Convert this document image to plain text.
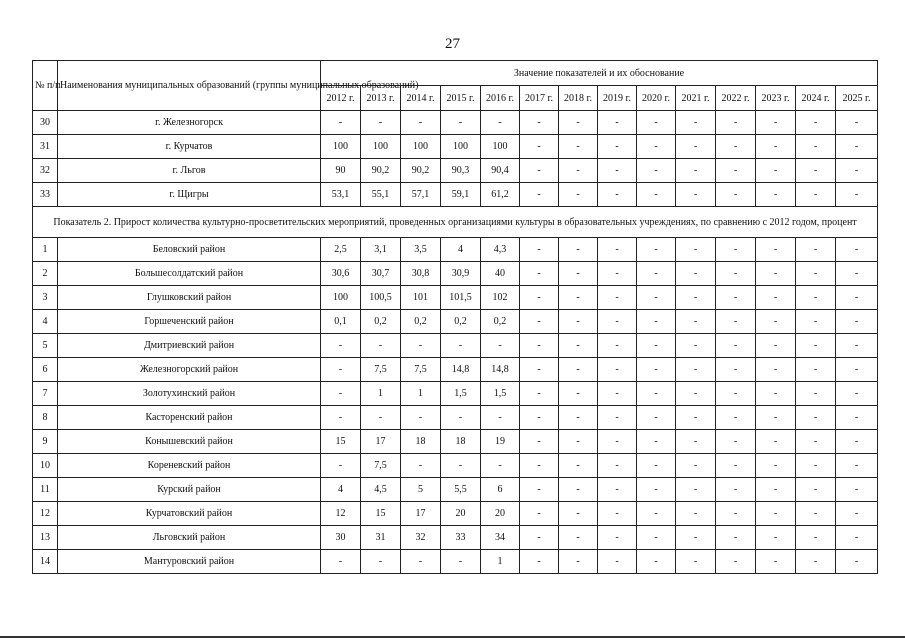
27
№ п/п	Наименования муниципальных образований (группы муниципальных образований)	Значение показателей и их обоснование													
		2012 г.	2013 г.	2014 г.	2015 г.	2016 г.	2017 г.	2018 г.	2019 г.	2020 г.	2021 г.	2022 г.	2023 г.	2024 г.	2025 г.
30	г. Железногорск	-	-	-	-	-	-	-	-	-	-	-	-	-	-
31	г. Курчатов	100	100	100	100	100	-	-	-	-	-	-	-	-	-
32	г. Льгов	90	90,2	90,2	90,3	90,4	-	-	-	-	-	-	-	-	-
33	г. Щигры	53,1	55,1	57,1	59,1	61,2	-	-	-	-	-	-	-	-	-
Показатель 2. Прирост количества культурно-просветительских мероприятий, проведенных организациями культуры в образовательных учреждениях, по сравнению с 2012 годом, процент															
1	Беловский район	2,5	3,1	3,5	4	4,3	-	-	-	-	-	-	-	-	-
2	Большесолдатский район	30,6	30,7	30,8	30,9	40	-	-	-	-	-	-	-	-	-
3	Глушковский район	100	100,5	101	101,5	102	-	-	-	-	-	-	-	-	-
4	Горшеченский район	0,1	0,2	0,2	0,2	0,2	-	-	-	-	-	-	-	-	-
5	Дмитриевский район	-	-	-	-	-	-	-	-	-	-	-	-	-	-
6	Железногорский район	-	7,5	7,5	14,8	14,8	-	-	-	-	-	-	-	-	-
7	Золотухинский район	-	1	1	1,5	1,5	-	-	-	-	-	-	-	-	-
8	Касторенский район	-	-	-	-	-	-	-	-	-	-	-	-	-	-
9	Конышевский район	15	17	18	18	19	-	-	-	-	-	-	-	-	-
10	Кореневский район	-	7,5	-	-	-	-	-	-	-	-	-	-	-	-
11	Курский район	4	4,5	5	5,5	6	-	-	-	-	-	-	-	-	-
12	Курчатовский район	12	15	17	20	20	-	-	-	-	-	-	-	-	-
13	Льговский район	30	31	32	33	34	-	-	-	-	-	-	-	-	-
14	Мантуровский район	-	-	-	-	1	-	-	-	-	-	-	-	-	-
